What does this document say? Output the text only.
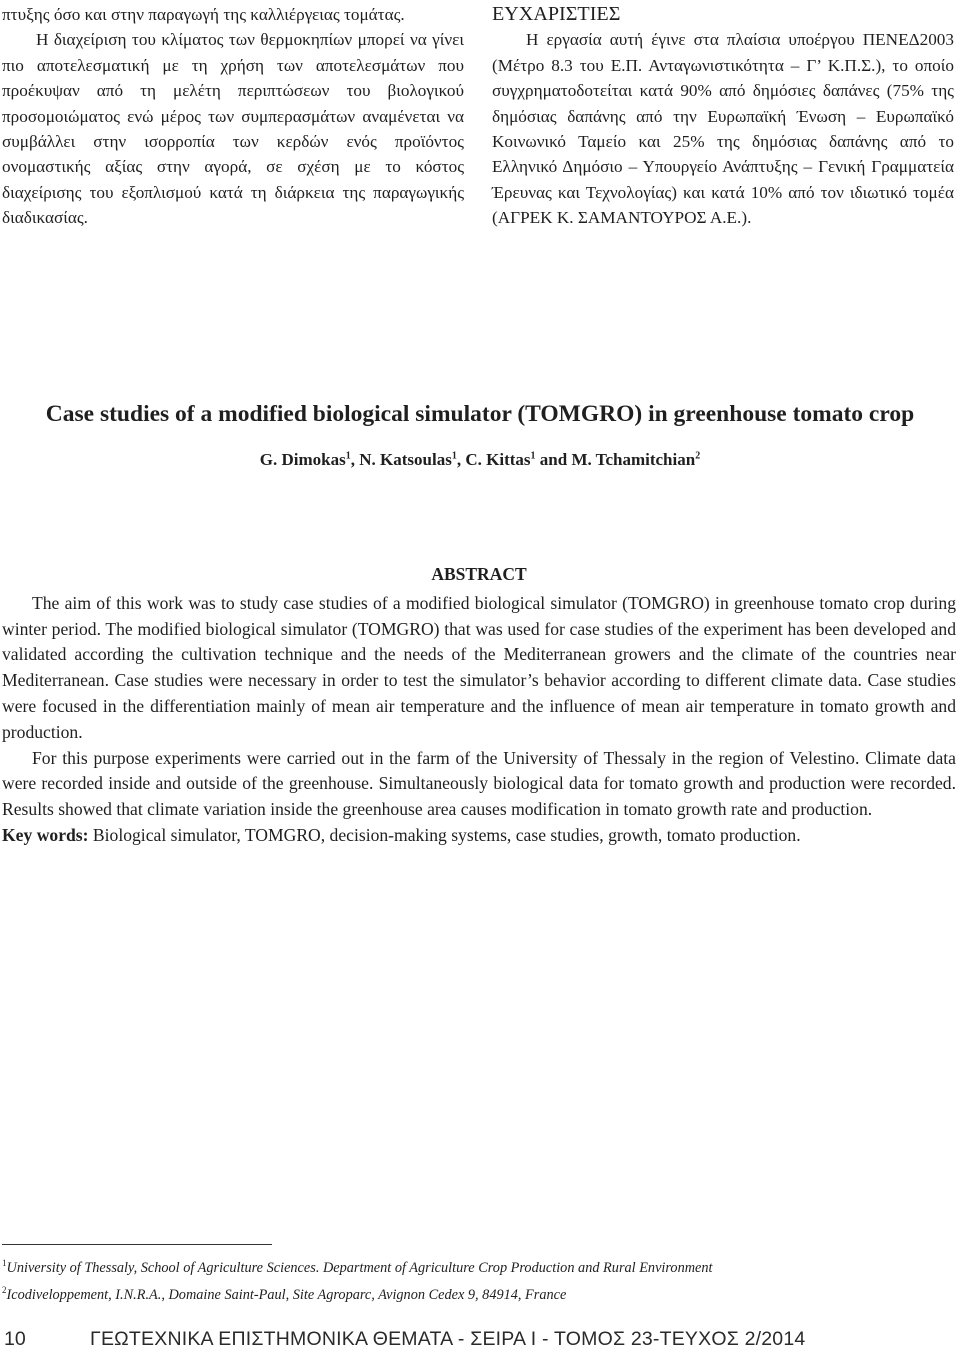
πτυξης όσο και στην παραγωγή της καλλιέργειας τομάτας.

Η διαχείριση του κλίματος των θερμοκηπίων μπορεί να γίνει πιο αποτελεσματική με τη χρήση των αποτελεσμάτων που προέκυψαν από τη μελέτη περιπτώσεων του βιολογικού προσομοιώματος ενώ μέρος των συμπερασμάτων αναμένεται να συμβάλλει στην ισορροπία των κερδών ενός προϊόντος ονομαστικής αξίας στην αγορά, σε σχέση με το κόστος διαχείρισης του εξοπλισμού κατά τη διάρκεια της παραγωγικής διαδικασίας.

ΕΥΧΑΡΙΣΤΙΕΣ

Η εργασία αυτή έγινε στα πλαίσια υποέργου ΠΕΝΕΔ2003 (Μέτρο 8.3 του Ε.Π. Ανταγωνιστικότητα – Γ’ Κ.Π.Σ.), το οποίο συγχρηματοδοτείται κατά 90% από δημόσιες δαπάνες (75% της δημόσιας δαπάνης από την Ευρωπαϊκή Ένωση – Ευρωπαϊκό Κοινωνικό Ταμείο και 25% της δημόσιας δαπάνης από το Ελληνικό Δημόσιο – Υπουργείο Ανάπτυξης – Γενική Γραμματεία Έρευνας και Τεχνολογίας) και κατά 10% από τον ιδιωτικό τομέα (ΑΓΡΕΚ Κ. ΣΑΜΑΝΤΟΥΡΟΣ Α.Ε.).

Case studies of a modified biological simulator (TOMGRO) in greenhouse tomato crop
G. Dimokas$^1$, N. Katsoulas$^1$, C. Kittas$^1$ and M. Tchamitchian$^2$
ABSTRACT

The aim of this work was to study case studies of a modified biological simulator (TOMGRO) in greenhouse tomato crop during winter period. The modified biological simulator (TOMGRO) that was used for case studies of the experiment has been developed and validated according the cultivation technique and the needs of the Mediterranean growers and the climate of the countries near Mediterranean. Case studies were necessary in order to test the simulator’s behavior according to different climate data. Case studies were focused in the differentiation mainly of mean air temperature and the influence of mean air temperature in tomato growth and production.

For this purpose experiments were carried out in the farm of the University of Thessaly in the region of Velestino. Climate data were recorded inside and outside of the greenhouse. Simultaneously biological data for tomato growth and production were recorded. Results showed that climate variation inside the greenhouse area causes modification in tomato growth rate and production.

Key words: Biological simulator, TOMGRO, decision-making systems, case studies, growth, tomato production.

$^1$University of Thessaly, School of Agriculture Sciences. Department of Agriculture Crop Production and Rural Environment

$^2$Icodiveloppement, I.N.R.A., Domaine Saint-Paul, Site Agroparc, Avignon Cedex 9, 84914, France

10	ΓΕΩΤΕΧΝΙΚΑ ΕΠΙΣΤΗΜΟΝΙΚΑ ΘΕΜΑΤΑ - ΣΕΙΡΑ Ι - ΤΟΜΟΣ 23-ΤΕΥΧΟΣ 2/2014
